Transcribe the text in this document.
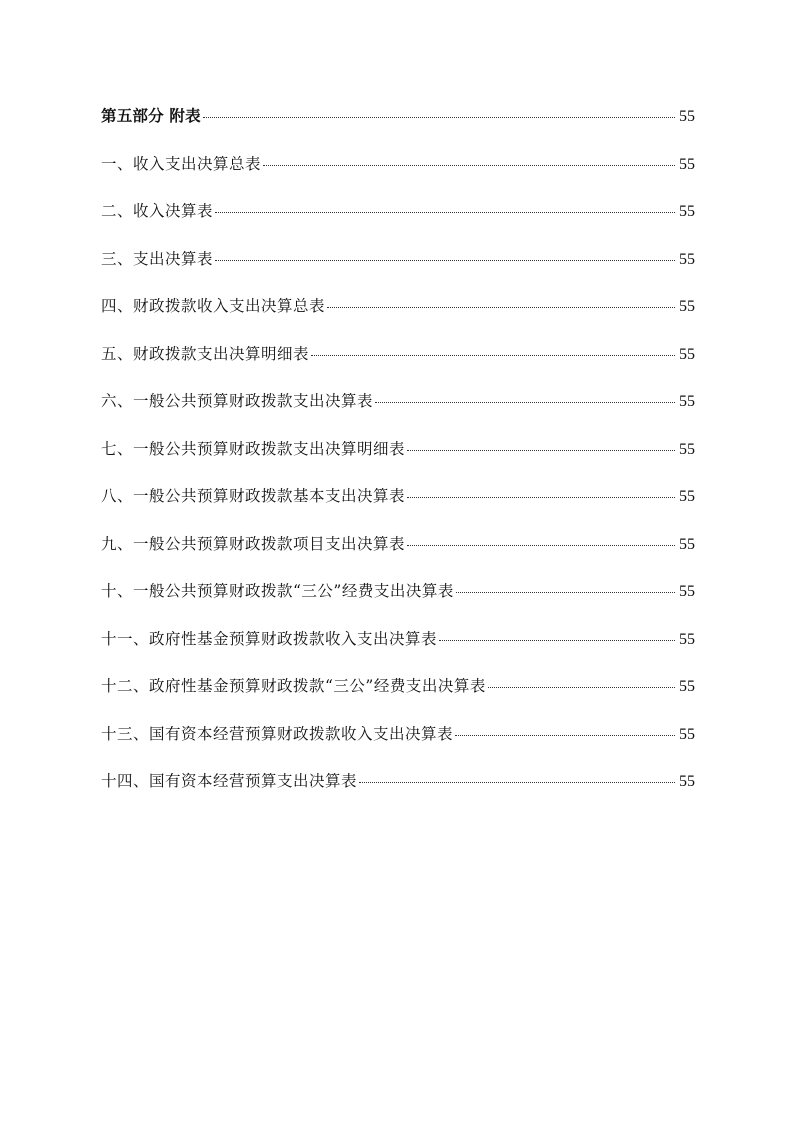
第五部分 附表	55
一、收入支出决算总表	55
二、收入决算表	55
三、支出决算表	55
四、财政拨款收入支出决算总表	55
五、财政拨款支出决算明细表	55
六、一般公共预算财政拨款支出决算表	55
七、一般公共预算财政拨款支出决算明细表	55
八、一般公共预算财政拨款基本支出决算表	55
九、一般公共预算财政拨款项目支出决算表	55
十、一般公共预算财政拨款“三公”经费支出决算表	55
十一、政府性基金预算财政拨款收入支出决算表	55
十二、政府性基金预算财政拨款“三公”经费支出决算表	55
十三、国有资本经营预算财政拨款收入支出决算表	55
十四、国有资本经营预算支出决算表	55
